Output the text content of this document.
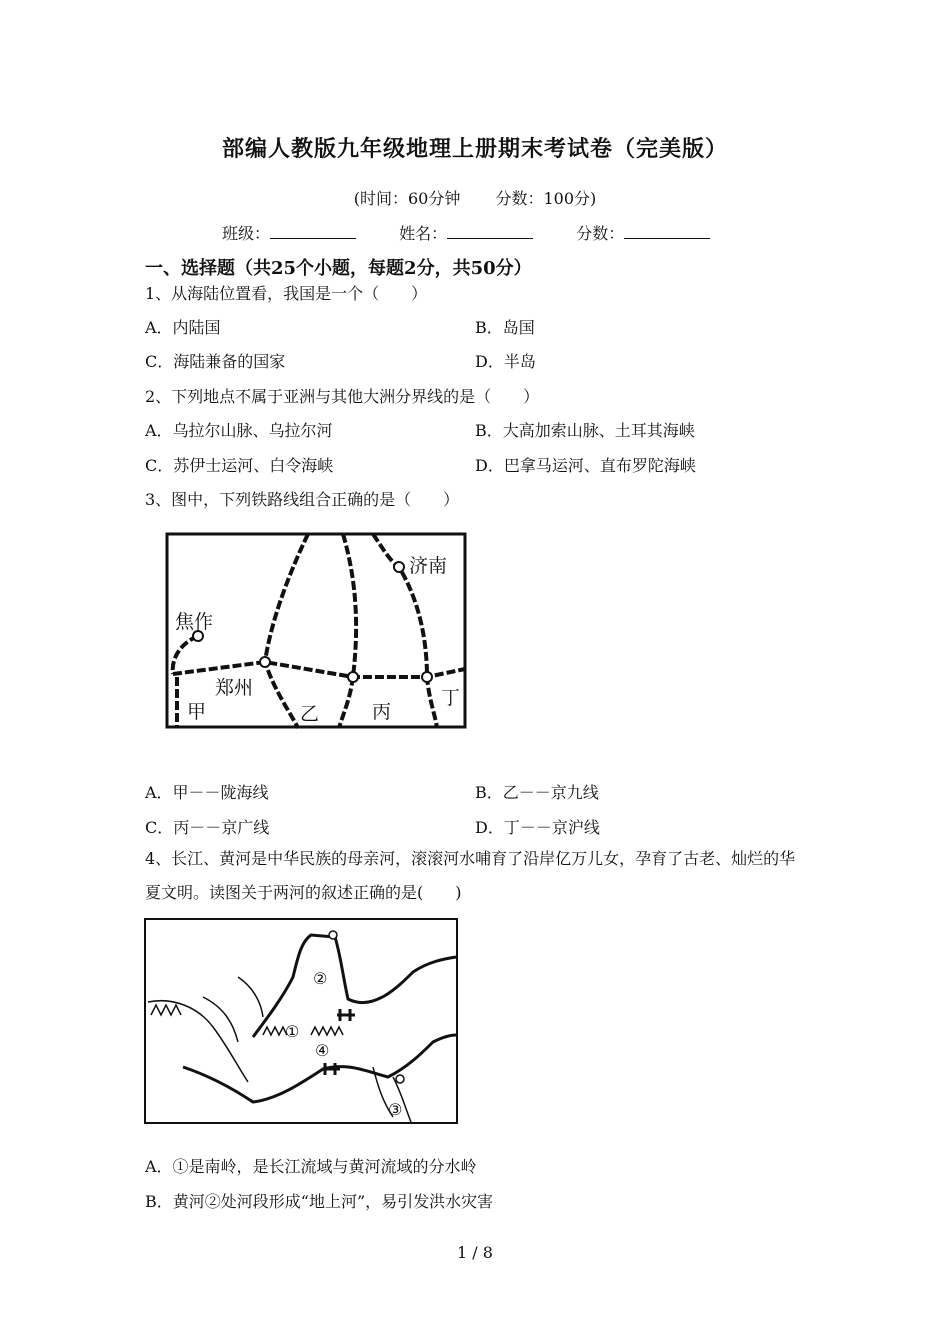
部编人教版九年级地理上册期末考试卷（完美版）
(时间：60分钟 分数：100分)
班级：	姓名：	分数：
一、选择题（共25个小题，每题2分，共50分）
1、从海陆位置看，我国是一个（　　）
A．内陆国	B．岛国
C．海陆兼备的国家	D．半岛
2、下列地点不属于亚洲与其他大洲分界线的是（　　）
A．乌拉尔山脉、乌拉尔河	B．大高加索山脉、土耳其海峡
C．苏伊士运河、白令海峡	D．巴拿马运河、直布罗陀海峡
3、图中，下列铁路线组合正确的是（　　）
济南
焦作
郑州
甲	乙	丙
丁
A．甲－－陇海线	B．乙－－京九线
C．丙－－京广线	D．丁－－京沪线
4、长江、黄河是中华民族的母亲河，滚滚河水哺育了沿岸亿万儿女，孕育了古老、灿烂的华夏文明。读图关于两河的叙述正确的是(　　)
①
②
③
④
A．①是南岭，是长江流域与黄河流域的分水岭
B．黄河②处河段形成“地上河”，易引发洪水灾害
1 / 8
